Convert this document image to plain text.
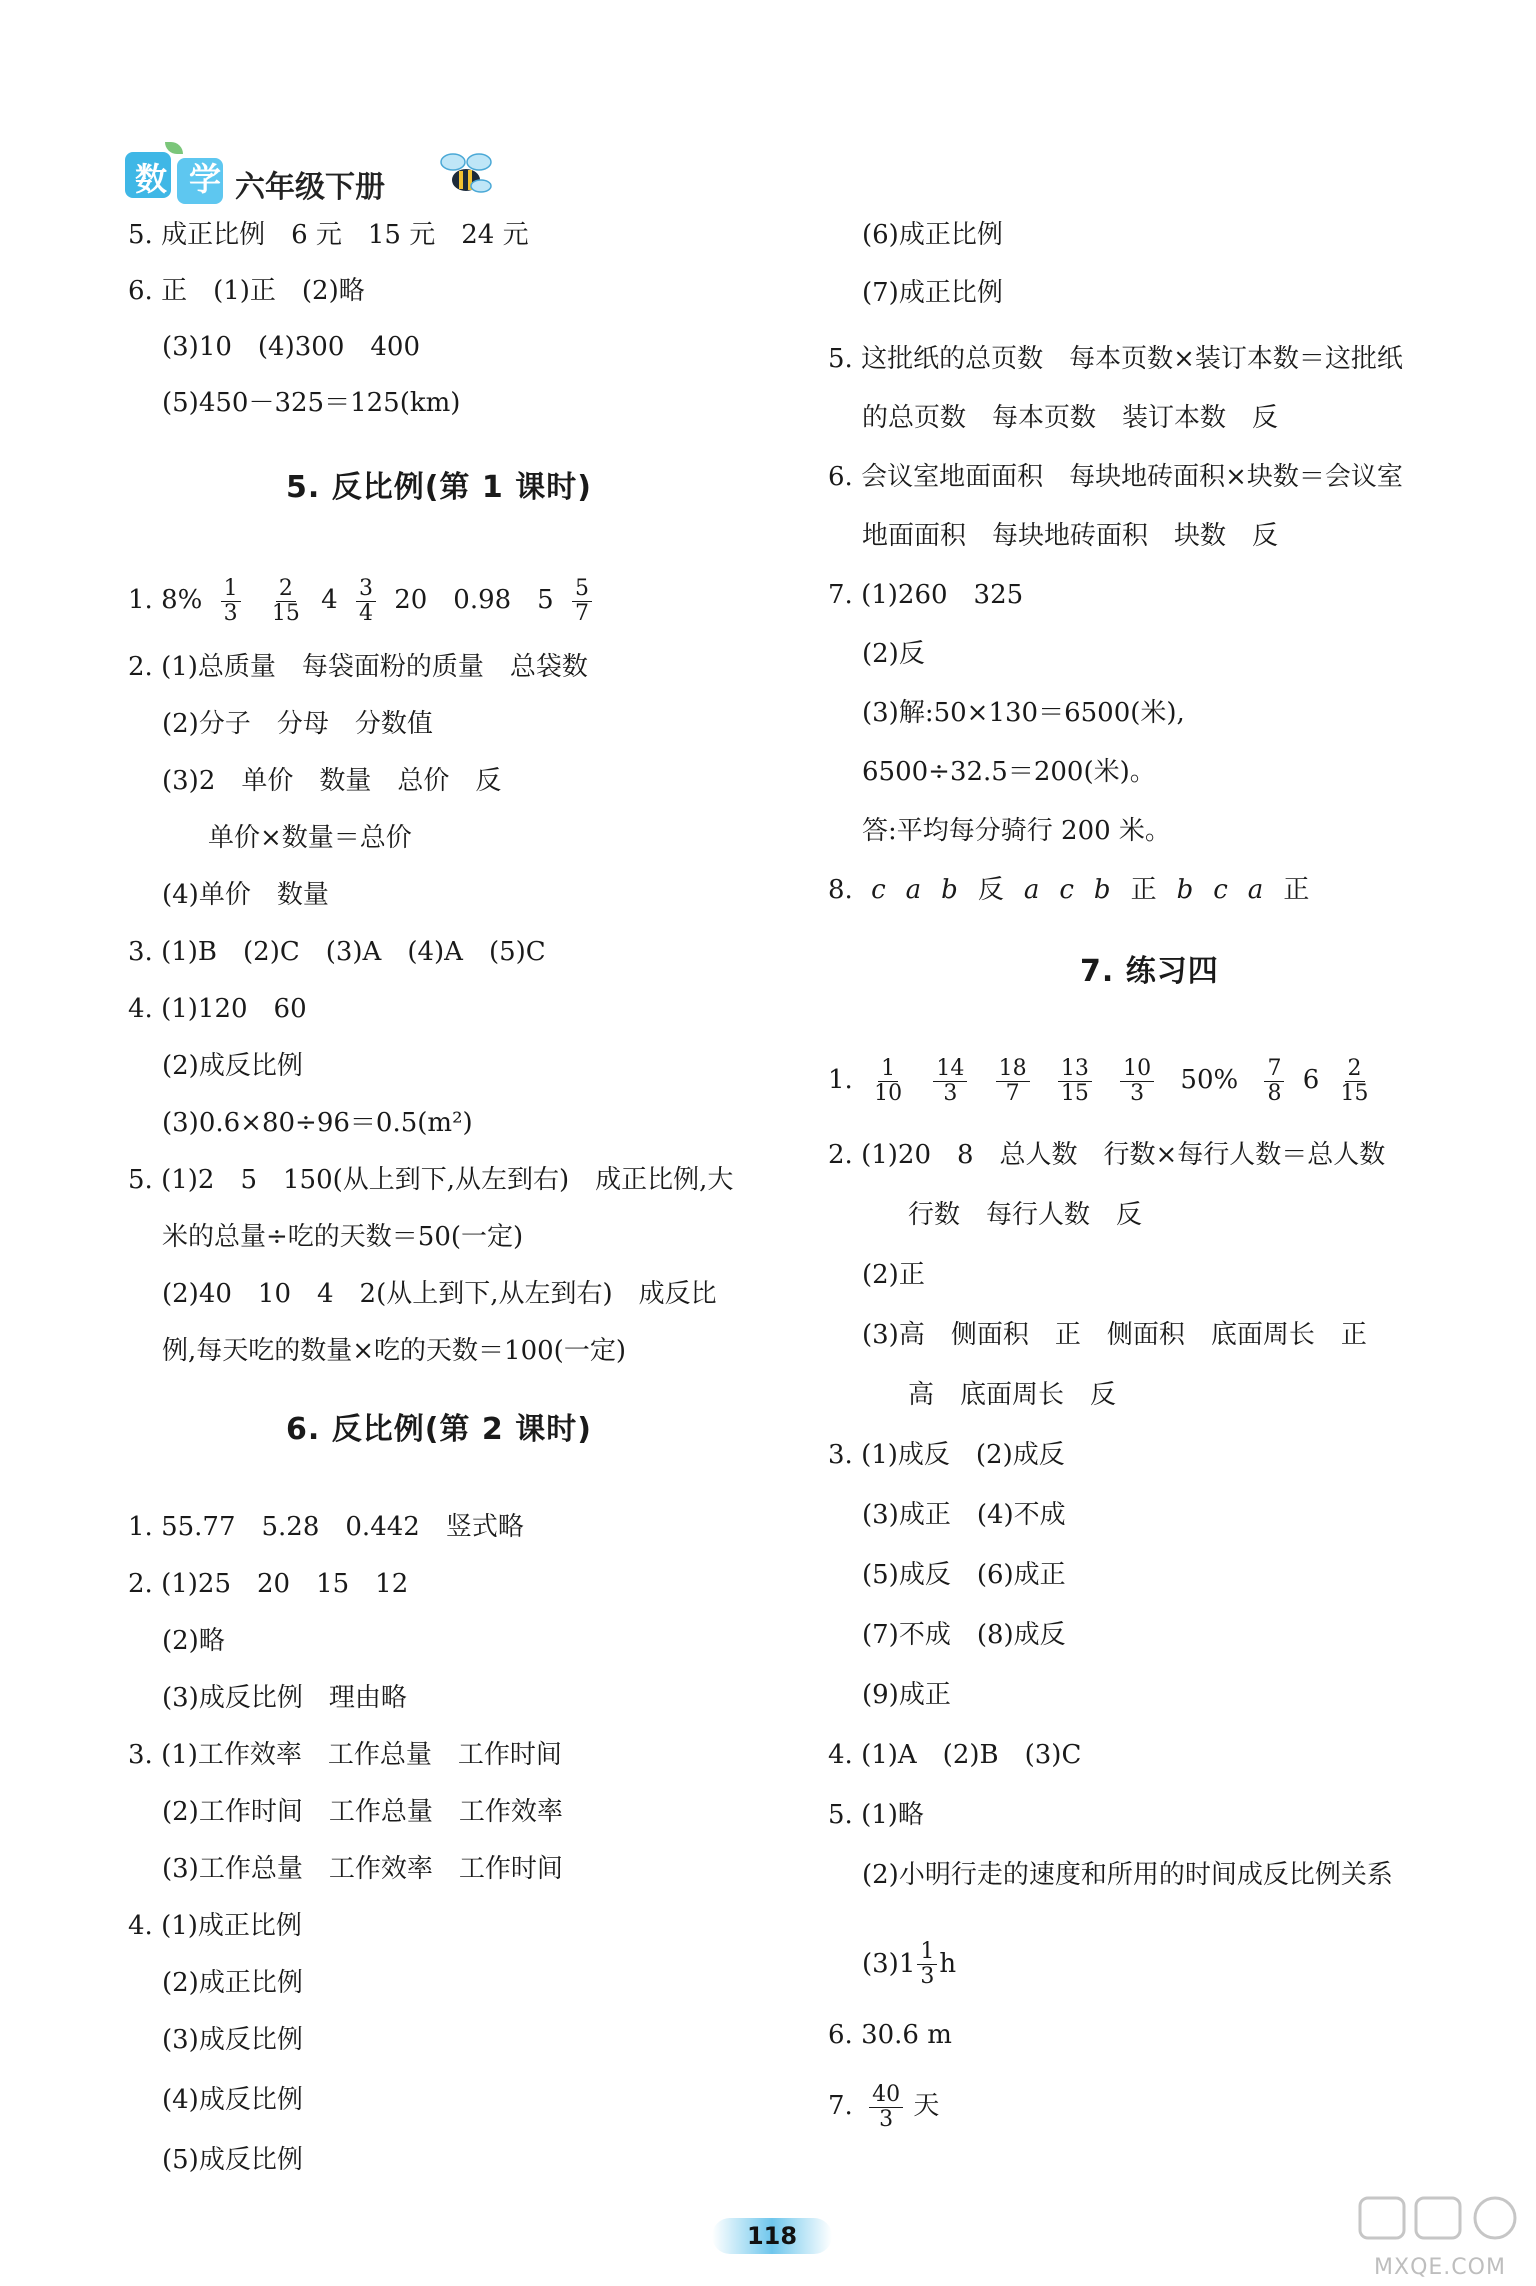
数 学 六年级下册
5. 成正比例　6 元　15 元　24 元
6. 正　(1)正　(2)略
(3)10　(4)300　400
(5)450－325＝125(km)
5. 反比例(第 1 课时)
1. $8\% \frac{1}{3}$
$\frac{2}{15} 4 \frac{3}{4} 20$　0.98　$5 \frac{5}{7}$
2. (1)总质量　每袋面粉的质量　总袋数
(2)分子　分母　分数值
(3)2　单价　数量　总价　反
单价×数量＝总价
(4)单价　数量
3. (1)B　(2)C　(3)A　(4)A　(5)C
4. (1)120　60
(2)成反比例
(3)0.6×80÷96＝0.5(m²)
5. (1)2　5　150(从上到下,从左到右)　成正比例,大
米的总量÷吃的天数＝50(一定)
(2)40　10　4　2(从上到下,从左到右)　成反比
例,每天吃的数量×吃的天数＝100(一定)
6. 反比例(第 2 课时)
1. 55.77　5.28　0.442　竖式略
2. (1)25　20　15　12
(2)略
(3)成反比例　理由略
3. (1)工作效率　工作总量　工作时间
(2)工作时间　工作总量　工作效率
(3)工作总量　工作效率　工作时间
4. (1)成正比例
(2)成正比例
(3)成反比例
(4)成反比例
(5)成反比例
(6)成正比例
(7)成正比例
5. 这批纸的总页数　每本页数×装订本数＝这批纸
的总页数　每本页数　装订本数　反
6. 会议室地面面积　每块地砖面积×块数＝会议室
地面面积　每块地砖面积　块数　反
7. (1)260　325
(2)反
(3)解:50×130＝6500(米),
6500÷32.5＝200(米)。
答:平均每分骑行 200 米。
8. c a b 反 a c b 正 b c a 正
7. 练习四
1. $\frac{1}{10}$
$\frac{14}{3}$
$\frac{18}{7}$
$\frac{13}{15}$
$\frac{10}{3} 50\% \frac{7}{8} 6 \frac{2}{15}$
2. (1)20　8　总人数　行数×每行人数＝总人数
行数　每行人数　反
(2)正
(3)高　侧面积　正　侧面积　底面周长　正
高　底面周长　反
3. (1)成反　(2)成反
(3)成正　(4)不成
(5)成反　(6)成正
(7)不成　(8)成反
(9)成正
4. (1)A　(2)B　(3)C
5. (1)略
(2)小明行走的速度和所用的时间成反比例关系
$(3)1 \frac{1}{3}$ h
6. 30.6 m
7. $\frac{40}{3}$ 天
118
MXQE.COM
